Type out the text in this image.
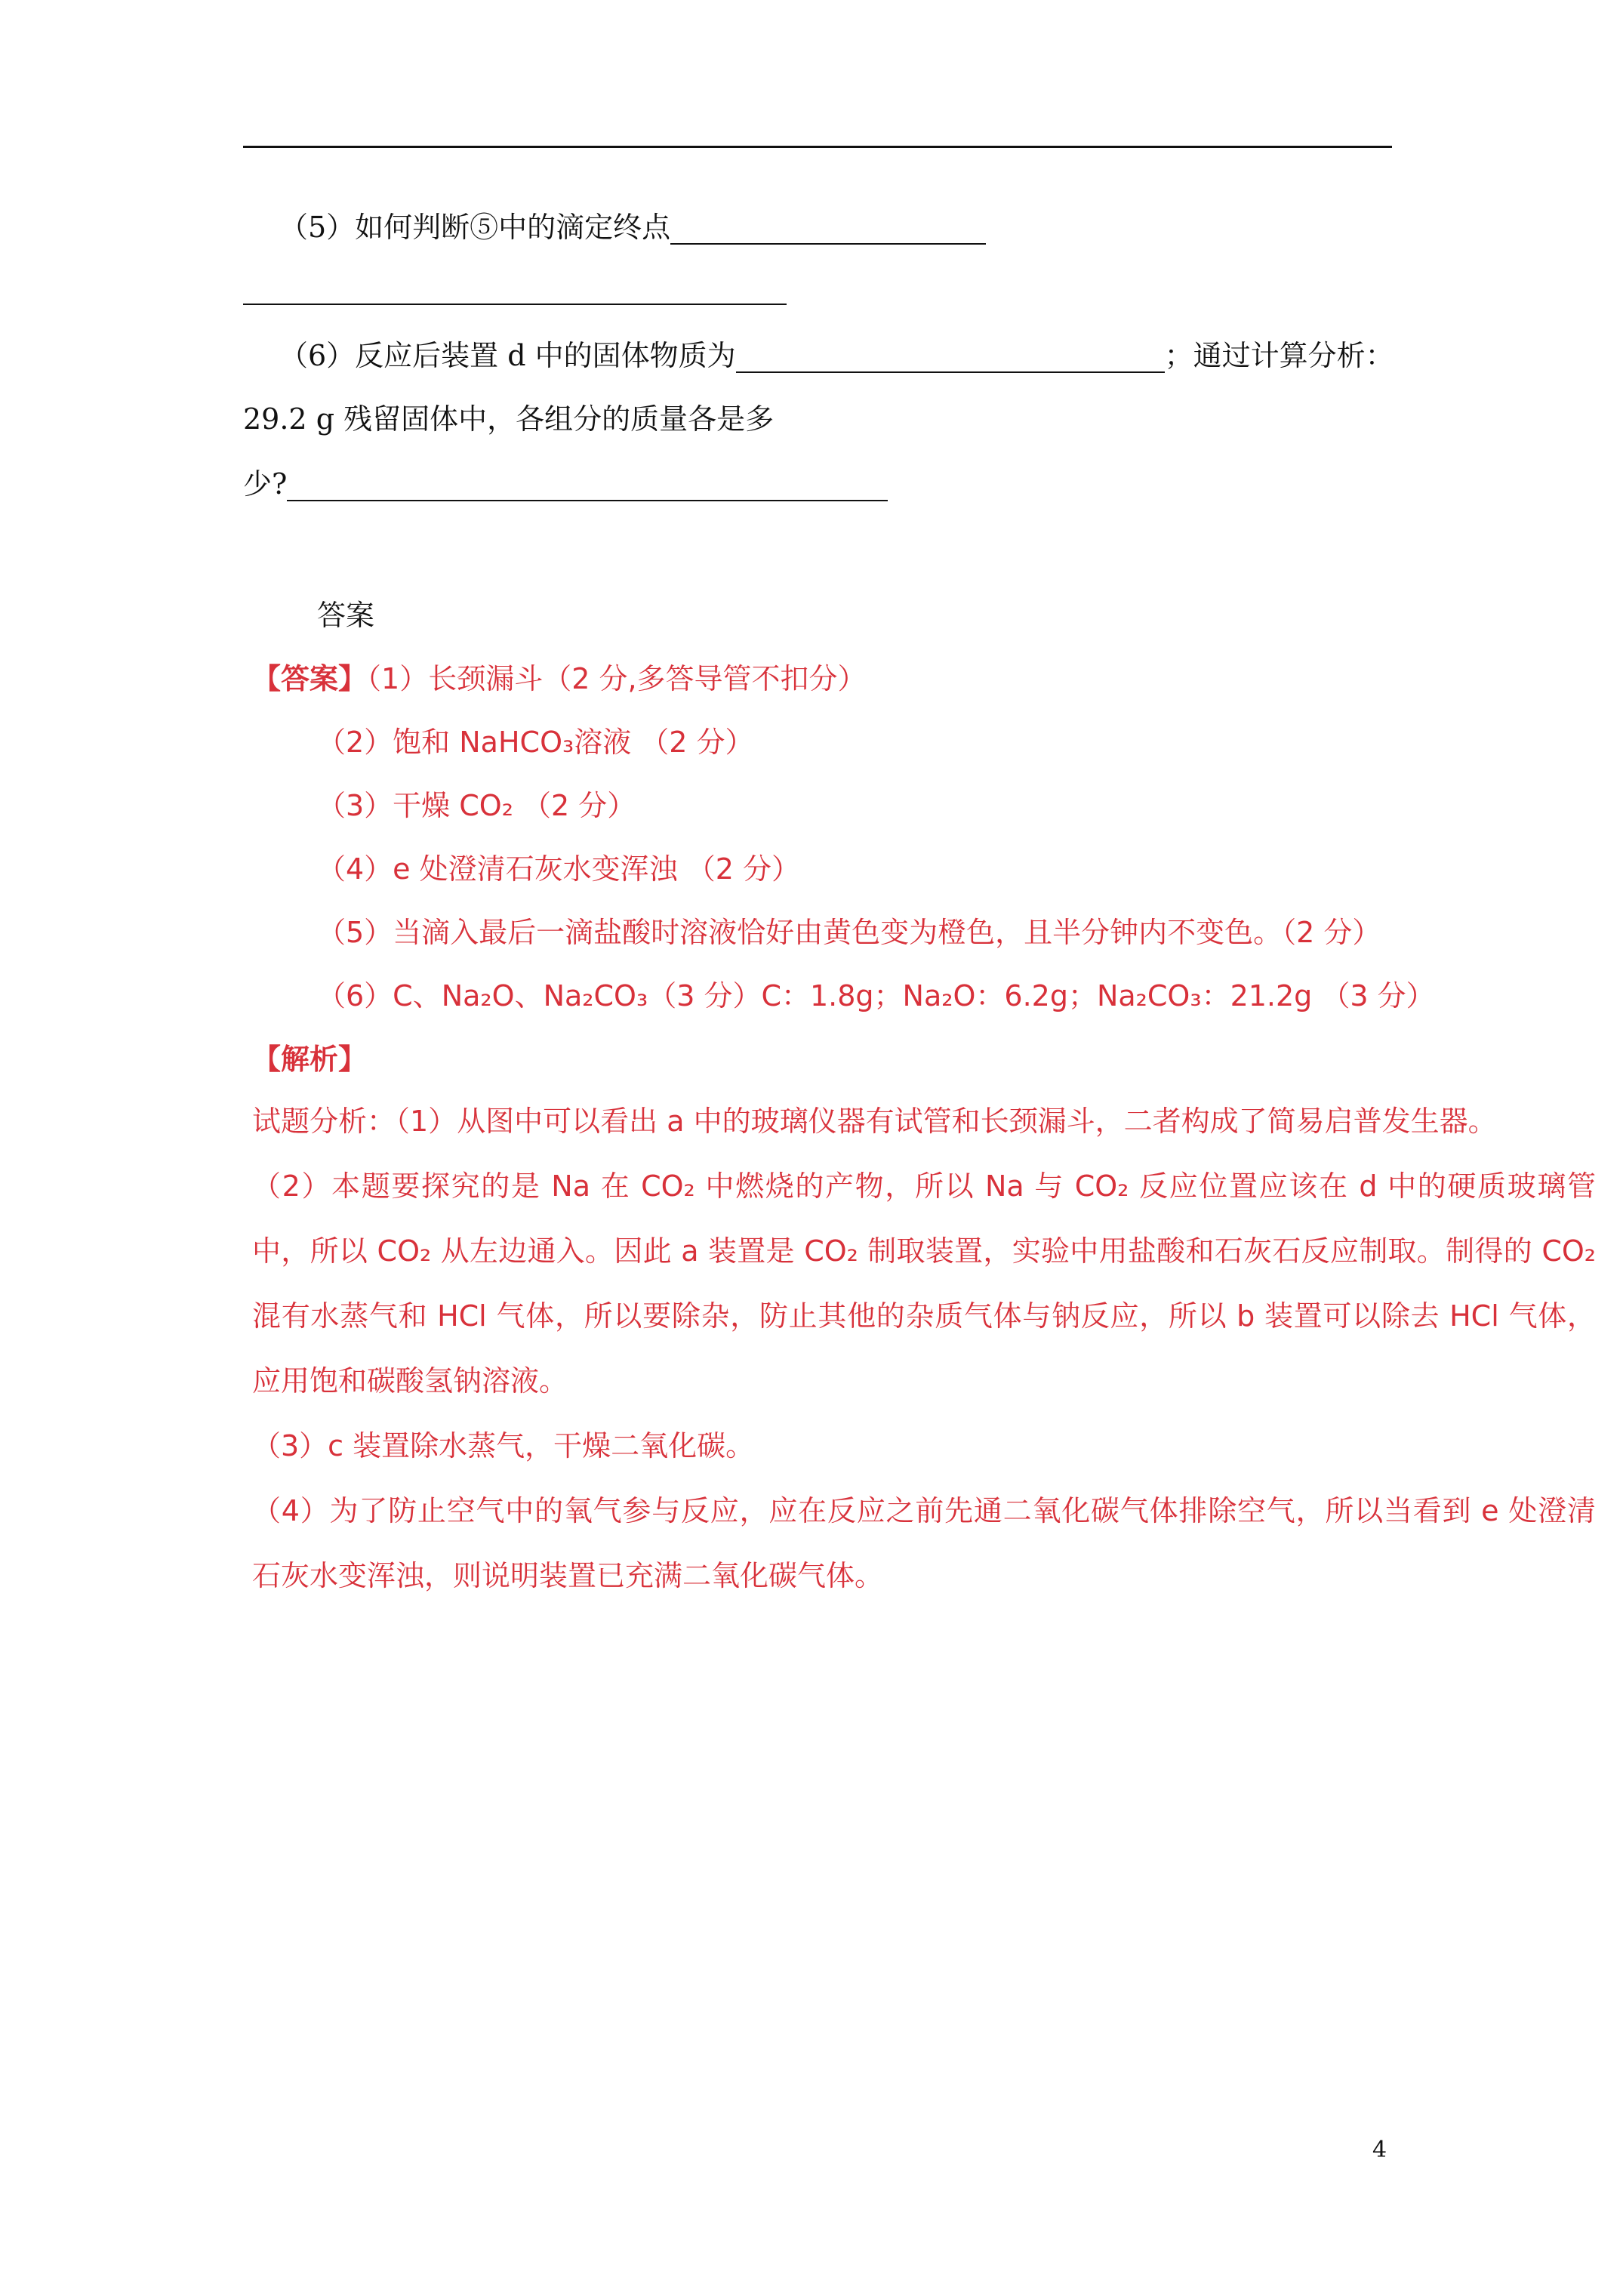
（5）如何判断⑤中的滴定终点
（6）反应后装置 d 中的固体物质为	；通过计算分析：
29.2 g 残留固体中，各组分的质量各是多
少?
答案
【答案】（1）长颈漏斗（2 分,多答导管不扣分）
（2）饱和 NaHCO₃溶液 （2 分）
（3）干燥 CO₂ （2 分）
（4）e 处澄清石灰水变浑浊 （2 分）
（5）当滴入最后一滴盐酸时溶液恰好由黄色变为橙色，且半分钟内不变色。（2 分）
（6）C、Na₂O、Na₂CO₃（3 分）C：1.8g；Na₂O：6.2g；Na₂CO₃：21.2g （3 分）
【解析】

试题分析：（1）从图中可以看出 a 中的玻璃仪器有试管和长颈漏斗，二者构成了简易启普发生器。

（2）本题要探究的是 Na 在 CO₂ 中燃烧的产物，所以 Na 与 CO₂ 反应位置应该在 d 中的硬质玻璃管中，所以 CO₂ 从左边通入。因此 a 装置是 CO₂ 制取装置，实验中用盐酸和石灰石反应制取。制得的 CO₂ 混有水蒸气和 HCl 气体，所以要除杂，防止其他的杂质气体与钠反应，所以 b 装置可以除去 HCl 气体，应用饱和碳酸氢钠溶液。

（3）c 装置除水蒸气，干燥二氧化碳。

（4）为了防止空气中的氧气参与反应，应在反应之前先通二氧化碳气体排除空气，所以当看到 e 处澄清石灰水变浑浊，则说明装置已充满二氧化碳气体。

4
